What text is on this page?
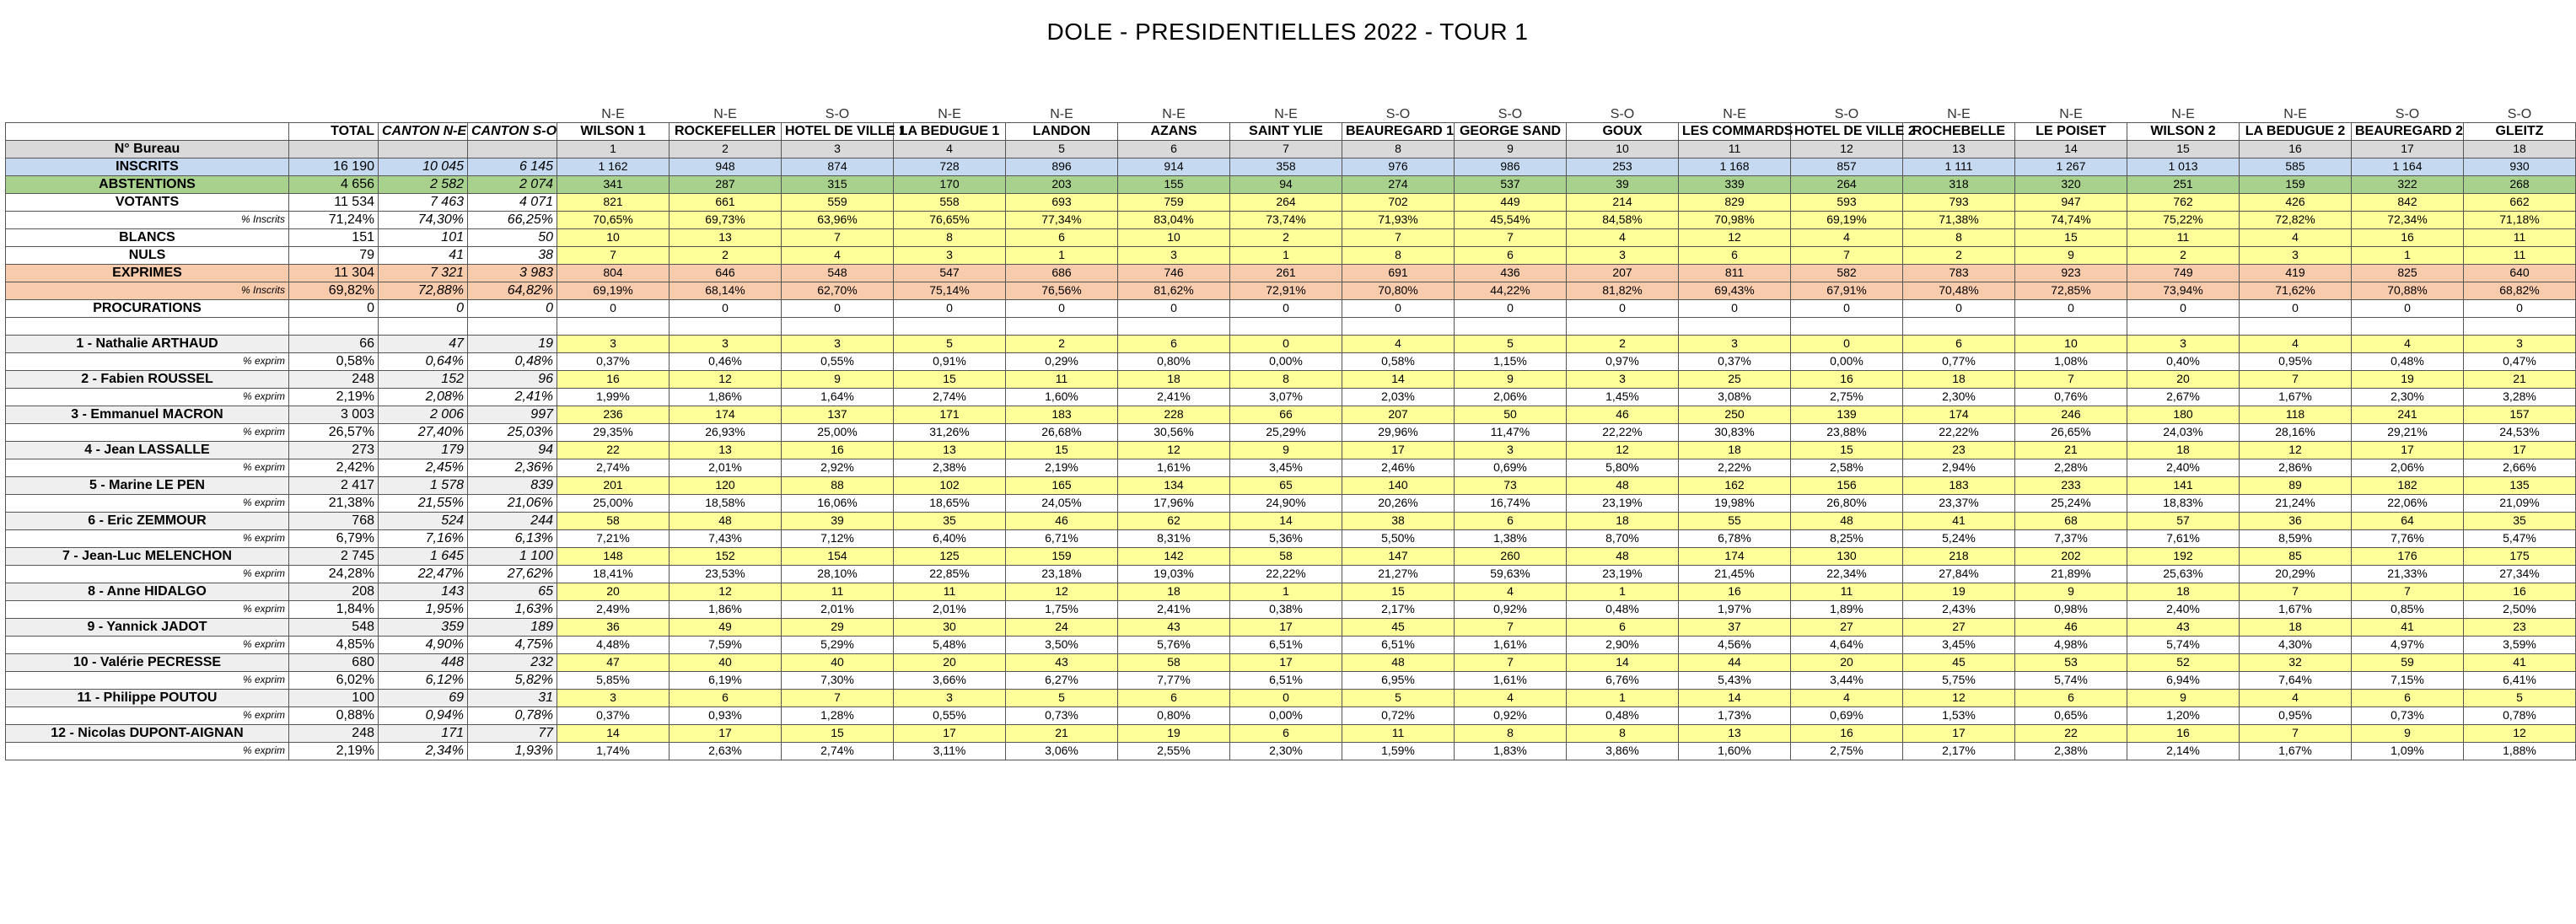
DOLE - PRESIDENTIELLES 2022 - TOUR 1
				N-E	N-E	S-O	N-E	N-E	N-E	N-E	S-O	S-O	S-O	N-E	S-O	N-E	N-E	N-E	N-E	S-O	S-O
	TOTAL	CANTON N-E	CANTON S-O	WILSON 1	ROCKEFELLER	HOTEL DE VILLE 1	LA BEDUGUE 1	LANDON	AZANS	SAINT YLIE	BEAUREGARD 1	GEORGE SAND	GOUX	LES COMMARDS	HOTEL DE VILLE 2	ROCHEBELLE	LE POISET	WILSON 2	LA BEDUGUE 2	BEAUREGARD 2	GLEITZ
N° Bureau				1	2	3	4	5	6	7	8	9	10	11	12	13	14	15	16	17	18
INSCRITS	16 190	10 045	6 145	1 162	948	874	728	896	914	358	976	986	253	1 168	857	1 111	1 267	1 013	585	1 164	930
ABSTENTIONS	4 656	2 582	2 074	341	287	315	170	203	155	94	274	537	39	339	264	318	320	251	159	322	268
VOTANTS	11 534	7 463	4 071	821	661	559	558	693	759	264	702	449	214	829	593	793	947	762	426	842	662
% Inscrits	71,24%	74,30%	66,25%	70,65%	69,73%	63,96%	76,65%	77,34%	83,04%	73,74%	71,93%	45,54%	84,58%	70,98%	69,19%	71,38%	74,74%	75,22%	72,82%	72,34%	71,18%
BLANCS	151	101	50	10	13	7	8	6	10	2	7	7	4	12	4	8	15	11	4	16	11
NULS	79	41	38	7	2	4	3	1	3	1	8	6	3	6	7	2	9	2	3	1	11
EXPRIMES	11 304	7 321	3 983	804	646	548	547	686	746	261	691	436	207	811	582	783	923	749	419	825	640
% Inscrits	69,82%	72,88%	64,82%	69,19%	68,14%	62,70%	75,14%	76,56%	81,62%	72,91%	70,80%	44,22%	81,82%	69,43%	67,91%	70,48%	72,85%	73,94%	71,62%	70,88%	68,82%
PROCURATIONS	0	0	0	0	0	0	0	0	0	0	0	0	0	0	0	0	0	0	0	0	0

1 - Nathalie ARTHAUD	66	47	19	3	3	3	5	2	6	0	4	5	2	3	0	6	10	3	4	4	3
% exprim	0,58%	0,64%	0,48%	0,37%	0,46%	0,55%	0,91%	0,29%	0,80%	0,00%	0,58%	1,15%	0,97%	0,37%	0,00%	0,77%	1,08%	0,40%	0,95%	0,48%	0,47%
2 - Fabien ROUSSEL	248	152	96	16	12	9	15	11	18	8	14	9	3	25	16	18	7	20	7	19	21
% exprim	2,19%	2,08%	2,41%	1,99%	1,86%	1,64%	2,74%	1,60%	2,41%	3,07%	2,03%	2,06%	1,45%	3,08%	2,75%	2,30%	0,76%	2,67%	1,67%	2,30%	3,28%
3 - Emmanuel MACRON	3 003	2 006	997	236	174	137	171	183	228	66	207	50	46	250	139	174	246	180	118	241	157
% exprim	26,57%	27,40%	25,03%	29,35%	26,93%	25,00%	31,26%	26,68%	30,56%	25,29%	29,96%	11,47%	22,22%	30,83%	23,88%	22,22%	26,65%	24,03%	28,16%	29,21%	24,53%
4 - Jean LASSALLE	273	179	94	22	13	16	13	15	12	9	17	3	12	18	15	23	21	18	12	17	17
% exprim	2,42%	2,45%	2,36%	2,74%	2,01%	2,92%	2,38%	2,19%	1,61%	3,45%	2,46%	0,69%	5,80%	2,22%	2,58%	2,94%	2,28%	2,40%	2,86%	2,06%	2,66%
5 - Marine LE PEN	2 417	1 578	839	201	120	88	102	165	134	65	140	73	48	162	156	183	233	141	89	182	135
% exprim	21,38%	21,55%	21,06%	25,00%	18,58%	16,06%	18,65%	24,05%	17,96%	24,90%	20,26%	16,74%	23,19%	19,98%	26,80%	23,37%	25,24%	18,83%	21,24%	22,06%	21,09%
6 - Eric ZEMMOUR	768	524	244	58	48	39	35	46	62	14	38	6	18	55	48	41	68	57	36	64	35
% exprim	6,79%	7,16%	6,13%	7,21%	7,43%	7,12%	6,40%	6,71%	8,31%	5,36%	5,50%	1,38%	8,70%	6,78%	8,25%	5,24%	7,37%	7,61%	8,59%	7,76%	5,47%
7 - Jean-Luc MELENCHON	2 745	1 645	1 100	148	152	154	125	159	142	58	147	260	48	174	130	218	202	192	85	176	175
% exprim	24,28%	22,47%	27,62%	18,41%	23,53%	28,10%	22,85%	23,18%	19,03%	22,22%	21,27%	59,63%	23,19%	21,45%	22,34%	27,84%	21,89%	25,63%	20,29%	21,33%	27,34%
8 - Anne HIDALGO	208	143	65	20	12	11	11	12	18	1	15	4	1	16	11	19	9	18	7	7	16
% exprim	1,84%	1,95%	1,63%	2,49%	1,86%	2,01%	2,01%	1,75%	2,41%	0,38%	2,17%	0,92%	0,48%	1,97%	1,89%	2,43%	0,98%	2,40%	1,67%	0,85%	2,50%
9 - Yannick JADOT	548	359	189	36	49	29	30	24	43	17	45	7	6	37	27	27	46	43	18	41	23
% exprim	4,85%	4,90%	4,75%	4,48%	7,59%	5,29%	5,48%	3,50%	5,76%	6,51%	6,51%	1,61%	2,90%	4,56%	4,64%	3,45%	4,98%	5,74%	4,30%	4,97%	3,59%
10 - Valérie PECRESSE	680	448	232	47	40	40	20	43	58	17	48	7	14	44	20	45	53	52	32	59	41
% exprim	6,02%	6,12%	5,82%	5,85%	6,19%	7,30%	3,66%	6,27%	7,77%	6,51%	6,95%	1,61%	6,76%	5,43%	3,44%	5,75%	5,74%	6,94%	7,64%	7,15%	6,41%
11 - Philippe POUTOU	100	69	31	3	6	7	3	5	6	0	5	4	1	14	4	12	6	9	4	6	5
% exprim	0,88%	0,94%	0,78%	0,37%	0,93%	1,28%	0,55%	0,73%	0,80%	0,00%	0,72%	0,92%	0,48%	1,73%	0,69%	1,53%	0,65%	1,20%	0,95%	0,73%	0,78%
12 - Nicolas DUPONT-AIGNAN	248	171	77	14	17	15	17	21	19	6	11	8	8	13	16	17	22	16	7	9	12
% exprim	2,19%	2,34%	1,93%	1,74%	2,63%	2,74%	3,11%	3,06%	2,55%	2,30%	1,59%	1,83%	3,86%	1,60%	2,75%	2,17%	2,38%	2,14%	1,67%	1,09%	1,88%
